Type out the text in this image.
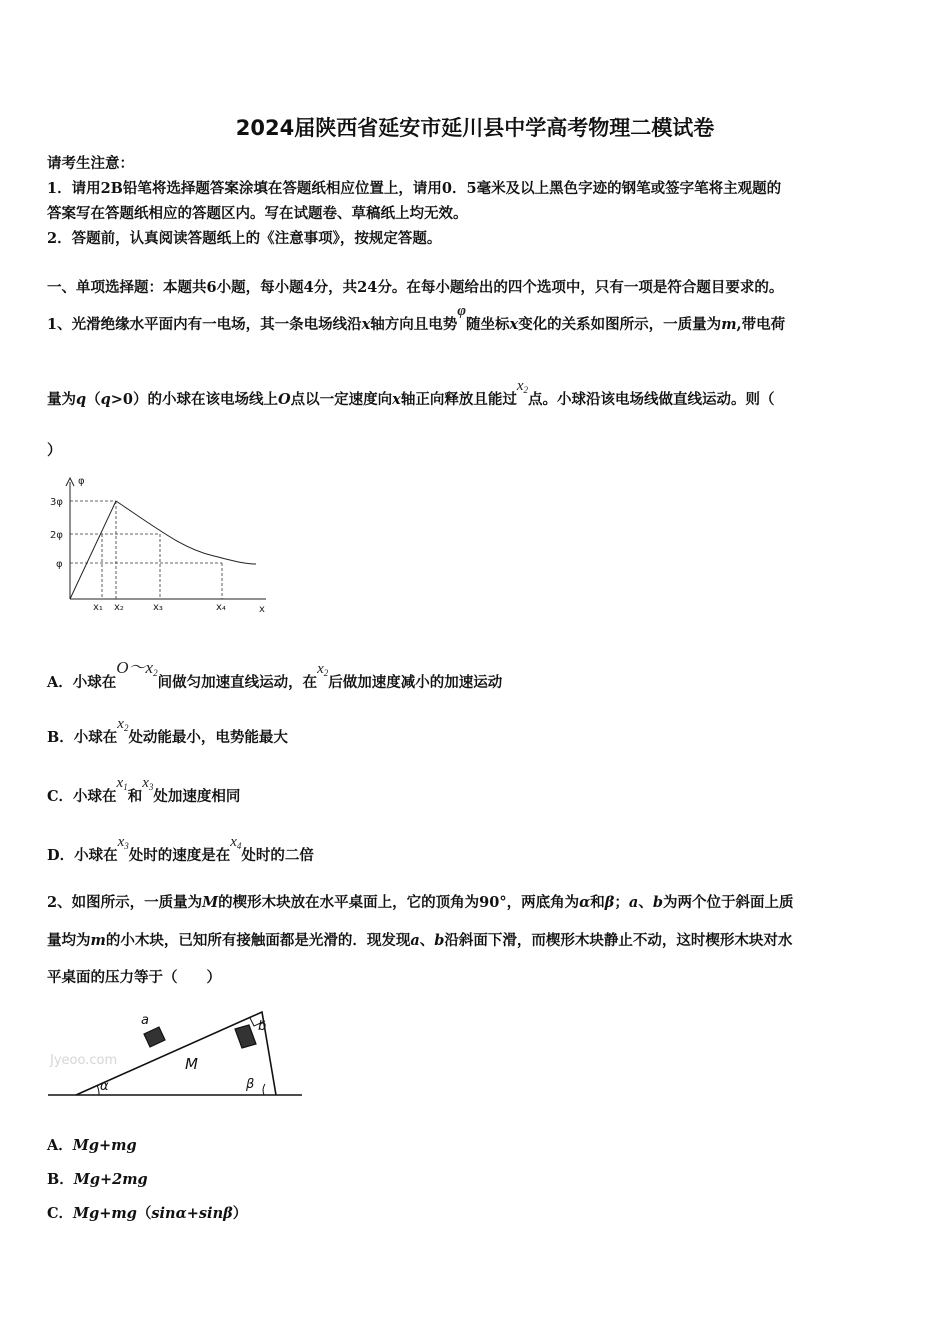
2024届陕西省延安市延川县中学高考物理二模试卷
请考生注意：
1．请用2B铅笔将选择题答案涂填在答题纸相应位置上，请用0．5毫米及以上黑色字迹的钢笔或签字笔将主观题的
答案写在答题纸相应的答题区内。写在试题卷、草稿纸上均无效。
2．答题前，认真阅读答题纸上的《注意事项》，按规定答题。
一、单项选择题：本题共6小题，每小题4分，共24分。在每小题给出的四个选项中，只有一项是符合题目要求的。
1、光滑绝缘水平面内有一电场，其一条电场线沿x轴方向且电势φ随坐标x变化的关系如图所示，一质量为m,带电荷
量为q（q>0）的小球在该电场线上O点以一定速度向x轴正向释放且能过$x_2$点。小球沿该电场线做直线运动。则（
）
φ
3φ
2φ
φ
x₁ x₂	x₃	x₄	x
A．小球在$O\sim x_2$间做匀加速直线运动，在$x_2$后做加速度减小的加速运动
B．小球在$x_2$处动能最小，电势能最大
C．小球在$x_1$和$x_3$处加速度相同
D．小球在$x_3$处时的速度是在$x_4$处时的二倍
2、如图所示，一质量为M的楔形木块放在水平桌面上，它的顶角为90°，两底角为α和β；a、b为两个位于斜面上质
量均为m的小木块，已知所有接触面都是光滑的．现发现a、b沿斜面下滑，而楔形木块静止不动，这时楔形木块对水
平桌面的压力等于（　　）
Jyeoo.com
a	b
M
α	β
A．Mg+mg
B．Mg+2mg
C．Mg+mg（sinα+sinβ）
